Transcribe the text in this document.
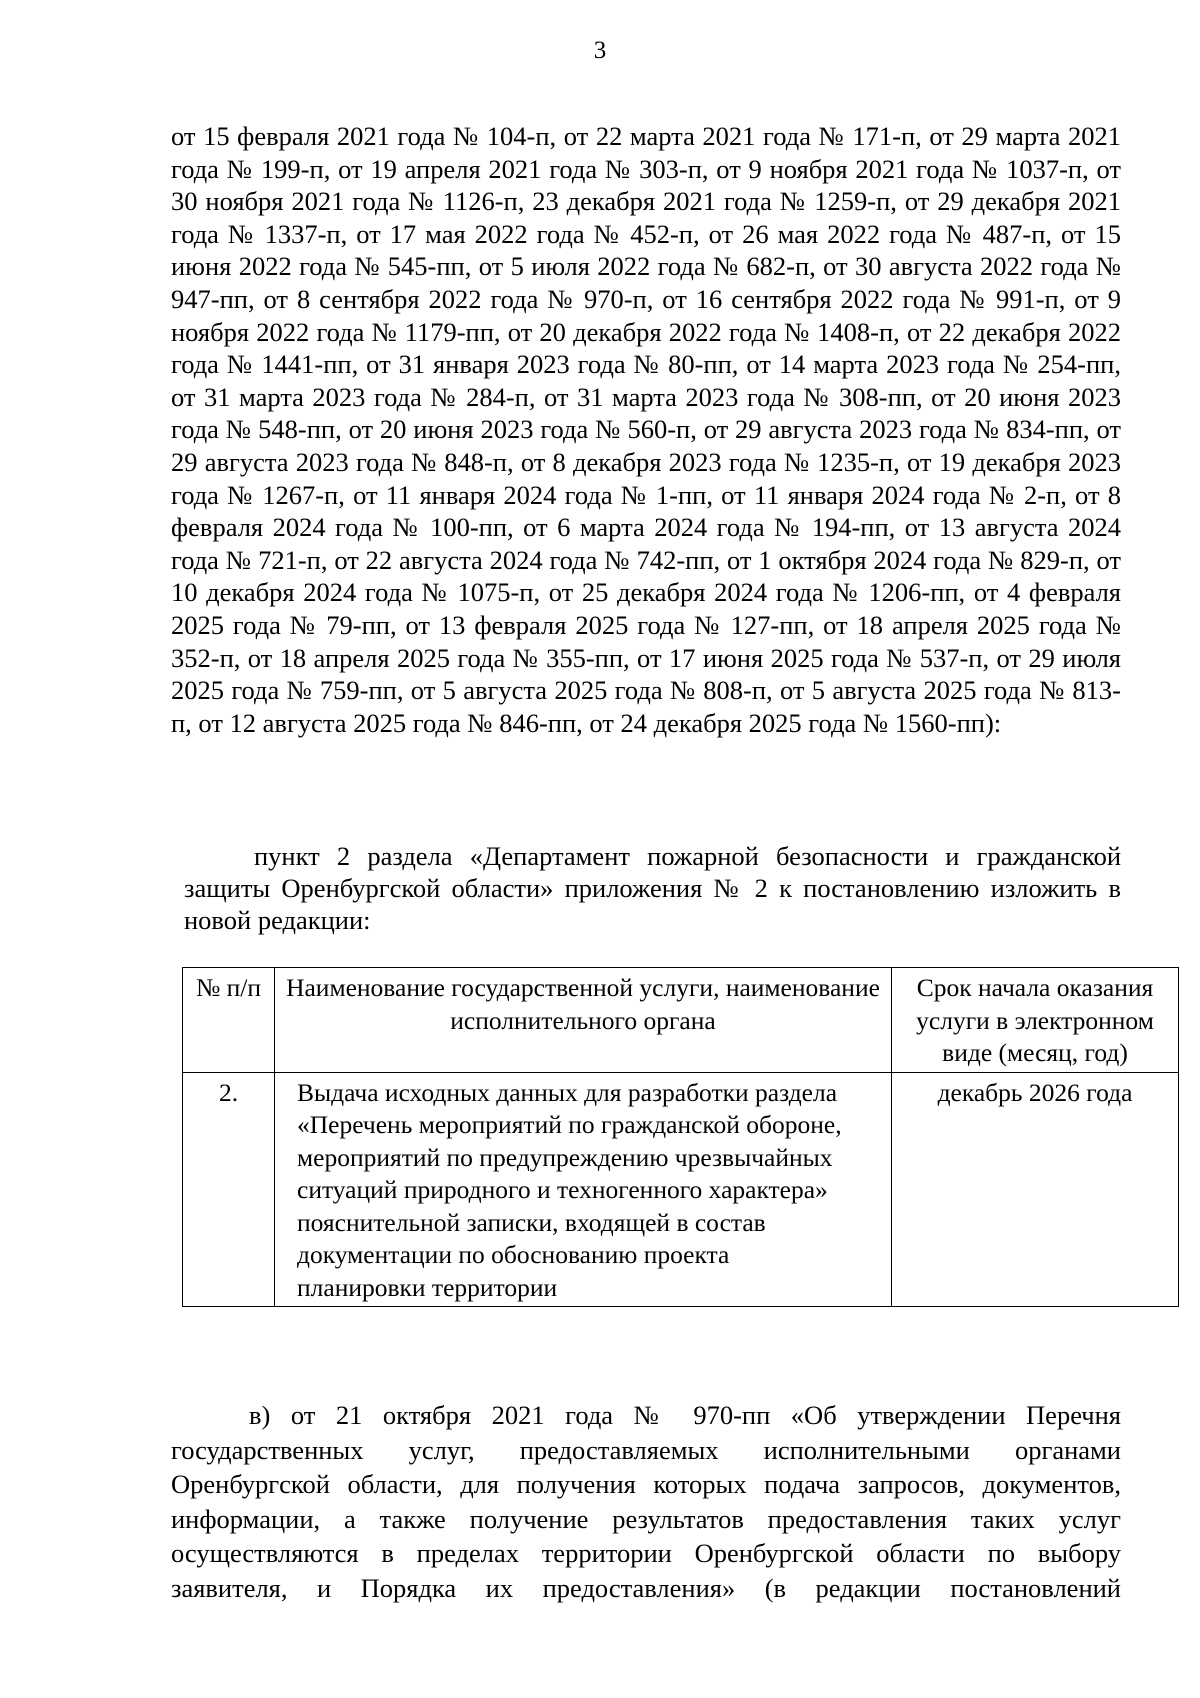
3

от 15 февраля 2021 года № 104-п, от 22 марта 2021 года № 171-п, от 29 марта 2021 года № 199-п, от 19 апреля 2021 года № 303-п, от 9 ноября 2021 года № 1037-п, от 30 ноября 2021 года № 1126-п, 23 декабря 2021 года № 1259-п, от 29 декабря 2021 года № 1337-п, от 17 мая 2022 года № 452-п, от 26 мая 2022 года № 487-п, от 15 июня 2022 года № 545-пп, от 5 июля 2022 года № 682-п, от 30 августа 2022 года № 947-пп, от 8 сентября 2022 года № 970-п, от 16 сентября 2022 года № 991-п, от 9 ноября 2022 года № 1179-пп, от 20 декабря 2022 года № 1408-п, от 22 декабря 2022 года № 1441-пп, от 31 января 2023 года № 80-пп, от 14 марта 2023 года № 254-пп, от 31 марта 2023 года № 284-п, от 31 марта 2023 года № 308-пп, от 20 июня 2023 года № 548-пп, от 20 июня 2023 года № 560-п, от 29 августа 2023 года № 834-пп, от 29 августа 2023 года № 848-п, от 8 декабря 2023 года № 1235-п, от 19 декабря 2023 года № 1267-п, от 11 января 2024 года № 1-пп, от 11 января 2024 года № 2-п, от 8 февраля 2024 года № 100-пп, от 6 марта 2024 года № 194-пп, от 13 августа 2024 года № 721-п, от 22 августа 2024 года № 742-пп, от 1 октября 2024 года № 829-п, от 10 декабря 2024 года № 1075-п, от 25 декабря 2024 года № 1206-пп, от 4 февраля 2025 года № 79-пп, от 13 февраля 2025 года № 127-пп, от 18 апреля 2025 года № 352-п, от 18 апреля 2025 года № 355-пп, от 17 июня 2025 года № 537-п, от 29 июля 2025 года № 759-пп, от 5 августа 2025 года № 808-п, от 5 августа 2025 года № 813-п, от 12 августа 2025 года № 846-пп, от 24 декабря 2025 года № 1560-пп):

пункт 2 раздела «Департамент пожарной безопасности и гражданской защиты Оренбургской области» приложения № 2 к постановлению изложить в новой редакции:

№ п/п	Наименование государственной услуги, наименование исполнительного органа	Срок начала оказания услуги в электронном виде (месяц, год)
2.	Выдача исходных данных для разработки раздела «Перечень мероприятий по гражданской обороне, мероприятий по предупреждению чрезвычайных ситуаций природного и техногенного характера» пояснительной записки, входящей в состав документации по обоснованию проекта планировки территории	декабрь 2026 года

в) от 21 октября 2021 года № 970-пп «Об утверждении Перечня государственных услуг, предоставляемых исполнительными органами Оренбургской области, для получения которых подача запросов, документов, информации, а также получение результатов предоставления таких услуг осуществляются в пределах территории Оренбургской области по выбору заявителя, и Порядка их предоставления» (в редакции постановлений
